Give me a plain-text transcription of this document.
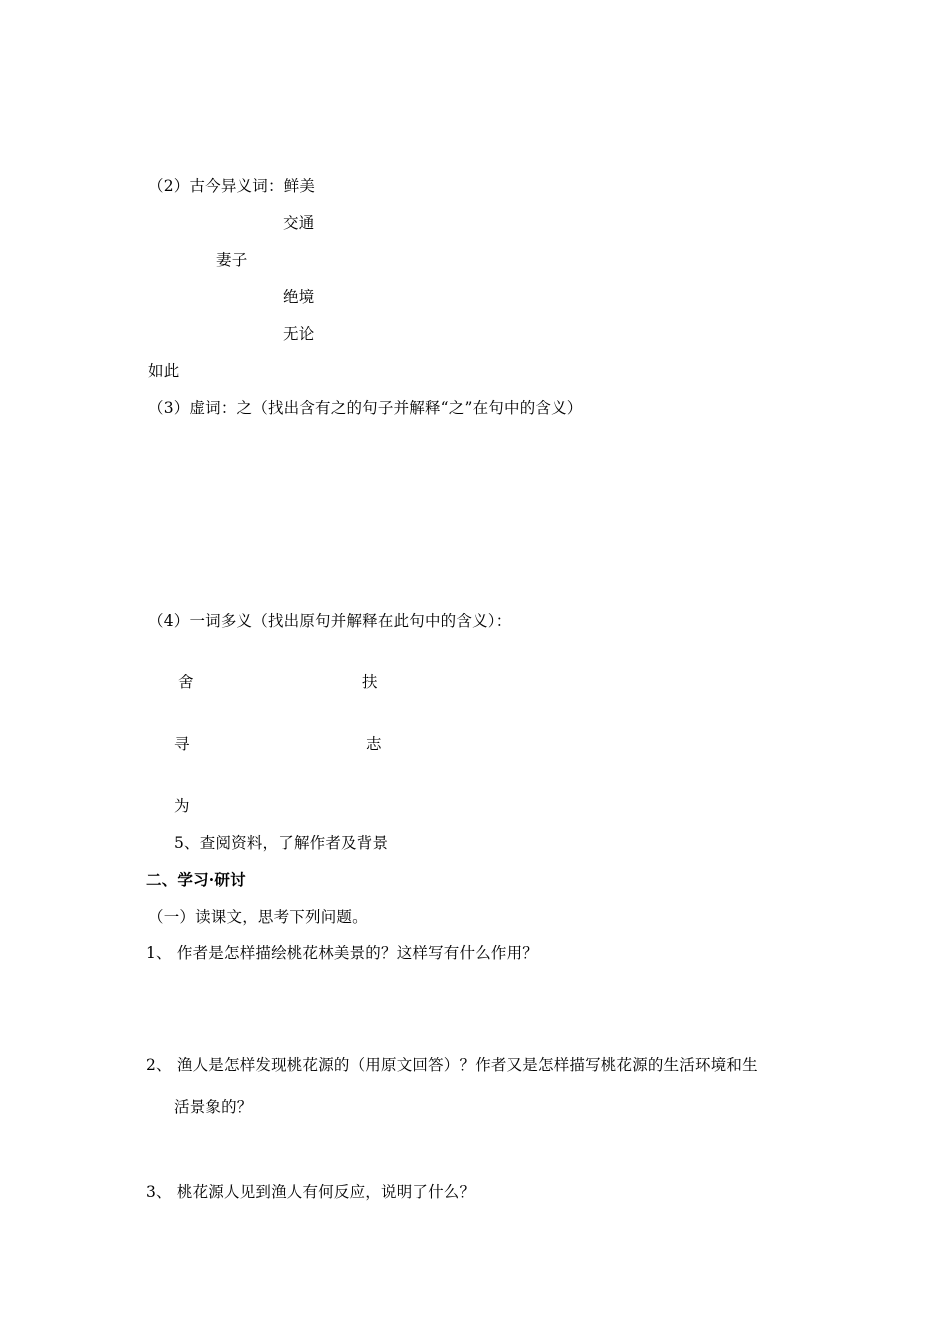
（2）古今异义词：鲜美
交通
妻子
绝境
无论
如此
（3）虚词：之（找出含有之的句子并解释“之”在句中的含义）
（4）一词多义（找出原句并解释在此句中的含义）：
舍	扶
寻	志
为
5、查阅资料，了解作者及背景
二、学习·研讨
（一）读课文，思考下列问题。
1、 作者是怎样描绘桃花林美景的？这样写有什么作用？
2、 渔人是怎样发现桃花源的（用原文回答）？作者又是怎样描写桃花源的生活环境和生
活景象的？
3、 桃花源人见到渔人有何反应，说明了什么？
